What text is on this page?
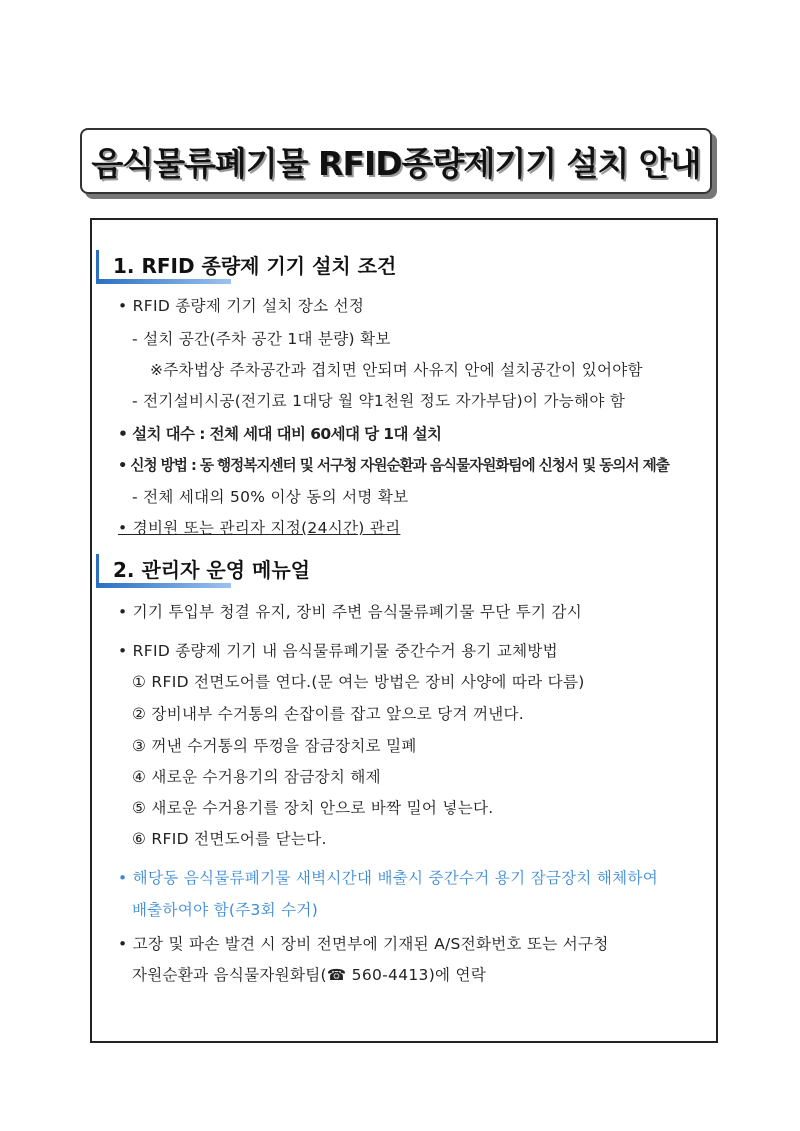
음식물류폐기물 RFID종량제기기 설치 안내
1. RFID 종량제 기기 설치 조건
• RFID 종량제 기기 설치 장소 선정
- 설치 공간(주차 공간 1대 분량) 확보
※주차법상 주차공간과 겹치면 안되며 사유지 안에 설치공간이 있어야함
- 전기설비시공(전기료 1대당 월 약1천원 정도 자가부담)이 가능해야 함
• 설치 대수 : 전체 세대 대비 60세대 당 1대 설치
• 신청 방법 : 동 행정복지센터 및 서구청 자원순환과 음식물자원화팀에 신청서 및 동의서 제출
- 전체 세대의 50% 이상 동의 서명 확보
• 경비원 또는 관리자 지정(24시간) 관리
2. 관리자 운영 메뉴얼
• 기기 투입부 청결 유지, 장비 주변 음식물류폐기물 무단 투기 감시
• RFID 종량제 기기 내 음식물류폐기물 중간수거 용기 교체방법
① RFID 전면도어를 연다.(문 여는 방법은 장비 사양에 따라 다름)
② 장비내부 수거통의 손잡이를 잡고 앞으로 당겨 꺼낸다.
③ 꺼낸 수거통의 뚜껑을 잠금장치로 밀폐
④ 새로운 수거용기의 잠금장치 해제
⑤ 새로운 수거용기를 장치 안으로 바짝 밀어 넣는다.
⑥ RFID 전면도어를 닫는다.
• 해당동 음식물류폐기물 새벽시간대 배출시 중간수거 용기 잠금장치 해체하여
배출하여야 함(주3회 수거)
• 고장 및 파손 발견 시 장비 전면부에 기재된 A/S전화번호 또는 서구청
자원순환과 음식물자원화팀(☎ 560-4413)에 연락
